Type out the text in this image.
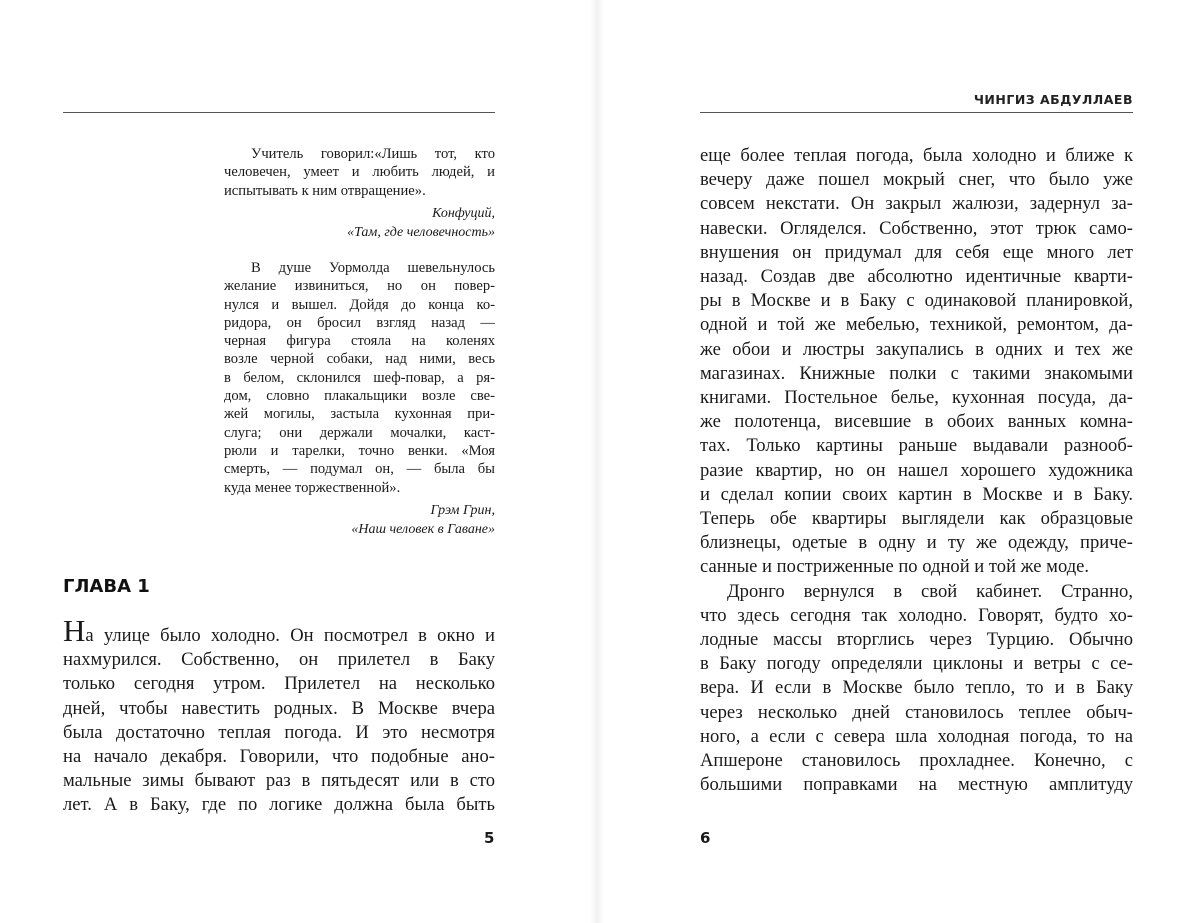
Учитель говорил:«Лишь тот, кто
человечен, умеет и любить людей, и
испытывать к ним отвращение».
Конфуций,
«Там, где человечность»
В душе Уормолда шевельнулось
желание извиниться, но он повер-
нулся и вышел. Дойдя до конца ко-
ридора, он бросил взгляд назад —
черная фигура стояла на коленях
возле черной собаки, над ними, весь
в белом, склонился шеф-повар, а ря-
дом, словно плакальщики возле све-
жей могилы, застыла кухонная при-
слуга; они держали мочалки, каст-
рюли и тарелки, точно венки. «Моя
смерть, — подумал он, — была бы
куда менее торжественной».
Грэм Грин,
«Наш человек в Гаване»
ГЛАВА 1
На улице было холодно. Он посмотрел в окно и
нахмурился. Собственно, он прилетел в Баку
только сегодня утром. Прилетел на несколько
дней, чтобы навестить родных. В Москве вчера
была достаточно теплая погода. И это несмотря
на начало декабря. Говорили, что подобные ано-
мальные зимы бывают раз в пятьдесят или в сто
лет. А в Баку, где по логике должна была быть
5
ЧИНГИЗ АБДУЛЛАЕВ
еще более теплая погода, была холодно и ближе к
вечеру даже пошел мокрый снег, что было уже
совсем некстати. Он закрыл жалюзи, задернул за-
навески. Огляделся. Собственно, этот трюк само-
внушения он придумал для себя еще много лет
назад. Создав две абсолютно идентичные кварти-
ры в Москве и в Баку с одинаковой планировкой,
одной и той же мебелью, техникой, ремонтом, да-
же обои и люстры закупались в одних и тех же
магазинах. Книжные полки с такими знакомыми
книгами. Постельное белье, кухонная посуда, да-
же полотенца, висевшие в обоих ванных комна-
тах. Только картины раньше выдавали разнооб-
разие квартир, но он нашел хорошего художника
и сделал копии своих картин в Москве и в Баку.
Теперь обе квартиры выглядели как образцовые
близнецы, одетые в одну и ту же одежду, приче-
санные и постриженные по одной и той же моде.
Дронго вернулся в свой кабинет. Странно,
что здесь сегодня так холодно. Говорят, будто хо-
лодные массы вторглись через Турцию. Обычно
в Баку погоду определяли циклоны и ветры с се-
вера. И если в Москве было тепло, то и в Баку
через несколько дней становилось теплее обыч-
ного, а если с севера шла холодная погода, то на
Апшероне становилось прохладнее. Конечно, с
большими поправками на местную амплитуду
6
